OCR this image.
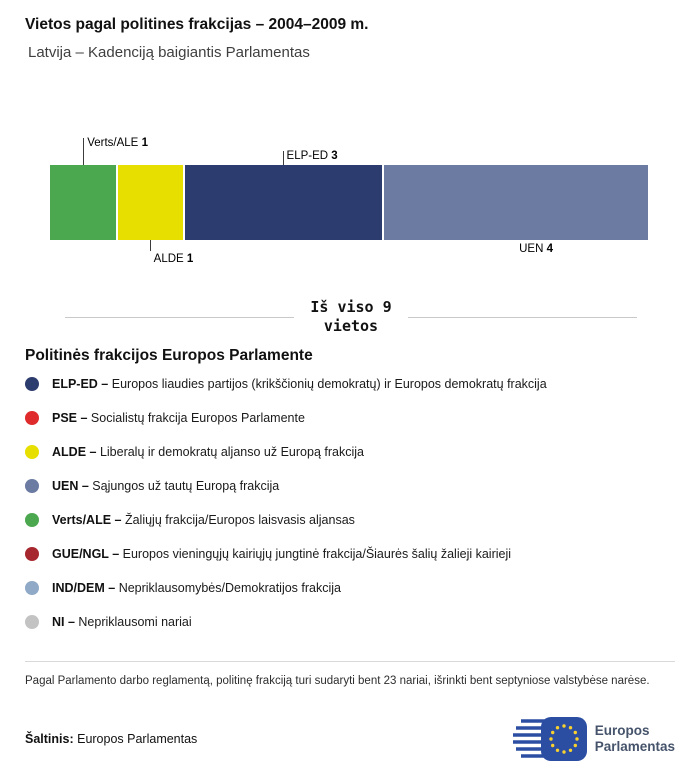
Vietos pagal politines frakcijas – 2004–2009 m.
Latvija – Kadenciją baigiantis Parlamentas
Verts/ALE 1
ALDE 1
ELP-ED 3
UEN 4
Iš viso 9
vietos
Politinės frakcijos Europos Parlamente

ELP-ED – Europos liaudies partijos (krikščionių demokratų) ir Europos demokratų frakcija

PSE – Socialistų frakcija Europos Parlamente

ALDE – Liberalų ir demokratų aljanso už Europą frakcija

UEN – Sąjungos už tautų Europą frakcija

Verts/ALE – Žaliųjų frakcija/Europos laisvasis aljansas

GUE/NGL – Europos vieningųjų kairiųjų jungtinė frakcija/Šiaurės šalių žalieji kairieji

IND/DEM – Nepriklausomybės/Demokratijos frakcija

NI – Nepriklausomi nariai

Pagal Parlamento darbo reglamentą, politinę frakciją turi sudaryti bent 23 nariai, išrinkti bent septyniose valstybėse narėse.

Šaltinis: Europos Parlamentas

Europos
Parlamentas
